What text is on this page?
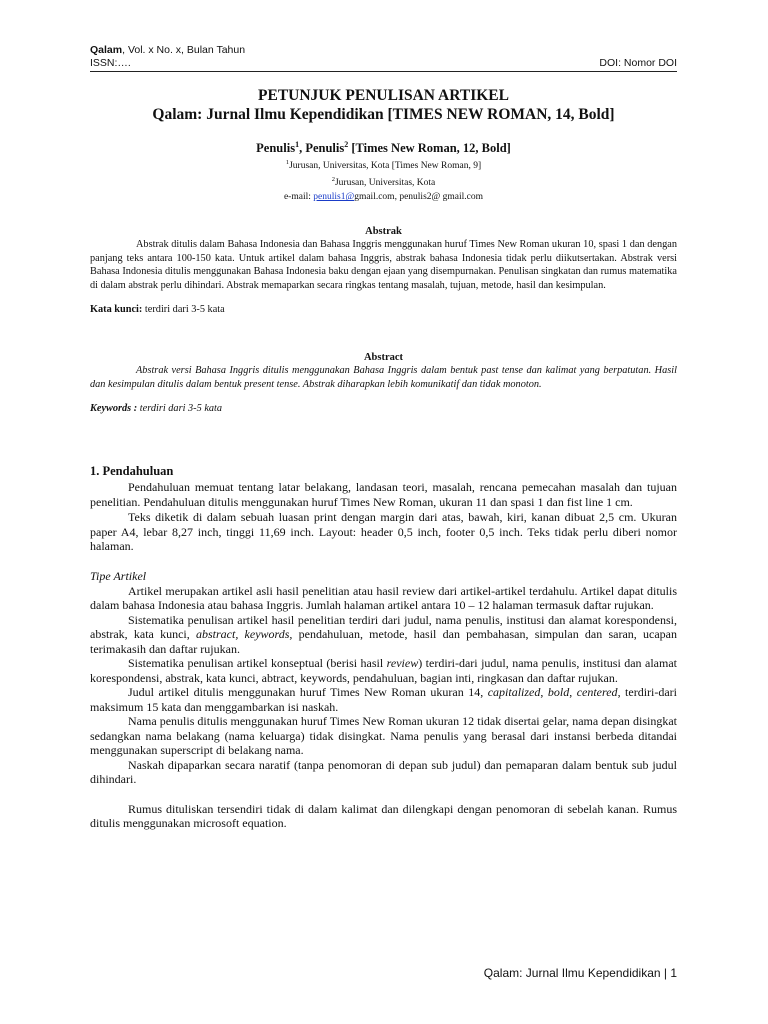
Qalam, Vol. x No. x, Bulan Tahun
ISSN:….	DOI: Nomor DOI
PETUNJUK PENULISAN ARTIKEL
Qalam: Jurnal Ilmu Kependidikan [TIMES NEW ROMAN, 14, Bold]
Penulis$^1$, Penulis$^2$ [Times New Roman, 12, Bold]
$^1$Jurusan, Universitas, Kota [Times New Roman, 9]
$^2$Jurusan, Universitas, Kota
e-mail: penulis1@gmail.com, penulis2@ gmail.com
Abstrak
Abstrak ditulis dalam Bahasa Indonesia dan Bahasa Inggris menggunakan huruf Times New Roman ukuran 10, spasi 1 dan dengan panjang teks antara 100-150 kata. Untuk artikel dalam bahasa Inggris, abstrak bahasa Indonesia tidak perlu diikutsertakan. Abstrak versi Bahasa Indonesia ditulis menggunakan Bahasa Indonesia baku dengan ejaan yang disempurnakan. Penulisan singkatan dan rumus matematika di dalam abstrak perlu dihindari. Abstrak memaparkan secara ringkas tentang masalah, tujuan, metode, hasil dan kesimpulan.
Kata kunci: terdiri dari 3-5 kata
Abstract
Abstrak versi Bahasa Inggris ditulis menggunakan Bahasa Inggris dalam bentuk past tense dan kalimat yang berpatutan. Hasil dan kesimpulan ditulis dalam bentuk present tense. Abstrak diharapkan lebih komunikatif dan tidak monoton.
Keywords : terdiri dari 3-5 kata
1. Pendahuluan
Pendahuluan memuat tentang latar belakang, landasan teori, masalah, rencana pemecahan masalah dan tujuan penelitian. Pendahuluan ditulis menggunakan huruf Times New Roman, ukuran 11 dan spasi 1 dan fist line 1 cm.
Teks diketik di dalam sebuah luasan print dengan margin dari atas, bawah, kiri, kanan dibuat 2,5 cm. Ukuran paper A4, lebar 8,27 inch, tinggi 11,69 inch. Layout: header 0,5 inch, footer 0,5 inch. Teks tidak perlu diberi nomor halaman.
Tipe Artikel
Artikel merupakan artikel asli hasil penelitian atau hasil review dari artikel-artikel terdahulu. Artikel dapat ditulis dalam bahasa Indonesia atau bahasa Inggris. Jumlah halaman artikel antara 10 – 12 halaman termasuk daftar rujukan.
Sistematika penulisan artikel hasil penelitian terdiri dari judul, nama penulis, institusi dan alamat korespondensi, abstrak, kata kunci, abstract, keywords, pendahuluan, metode, hasil dan pembahasan, simpulan dan saran, ucapan terimakasih dan daftar rujukan.
Sistematika penulisan artikel konseptual (berisi hasil review) terdiri-dari judul, nama penulis, institusi dan alamat korespondensi, abstrak, kata kunci, abtract, keywords, pendahuluan, bagian inti, ringkasan dan daftar rujukan.
Judul artikel ditulis menggunakan huruf Times New Roman ukuran 14, capitalized, bold, centered, terdiri-dari maksimum 15 kata dan menggambarkan isi naskah.
Nama penulis ditulis menggunakan huruf Times New Roman ukuran 12 tidak disertai gelar, nama depan disingkat sedangkan nama belakang (nama keluarga) tidak disingkat. Nama penulis yang berasal dari instansi berbeda ditandai menggunakan superscript di belakang nama.
Naskah dipaparkan secara naratif (tanpa penomoran di depan sub judul) dan pemaparan dalam bentuk sub judul dihindari.
Rumus dituliskan tersendiri tidak di dalam kalimat dan dilengkapi dengan penomoran di sebelah kanan. Rumus ditulis menggunakan microsoft equation.
Qalam: Jurnal Ilmu Kependidikan | 1
